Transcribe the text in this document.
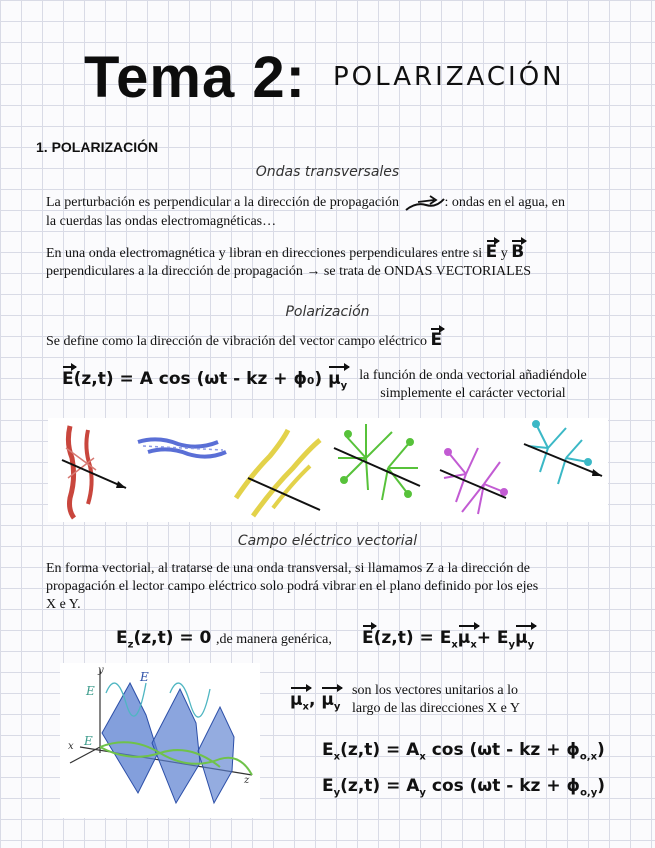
Tema 2: POLARIZACIÓN
1. POLARIZACIÓN
Ondas transversales
La perturbación es perpendicular a la dirección de propagación	: ondas en el agua, en
la cuerdas las ondas electromagnéticas…
En una onda electromagnética y libran en direcciones perpendiculares entre si E y B
perpendiculares a la dirección de propagación → se trata de ONDAS VECTORIALES
Polarización
Se define como la dirección de vibración del vector campo eléctrico E
E(z,t) = A cos (ωt - kz + ϕ₀) $\mu_y$
la función de onda vectorial añadiéndole
simplemente el carácter vectorial
Campo eléctrico vectorial
En forma vectorial, al tratarse de una onda transversal, si llamamos Z a la dirección de
propagación el lector campo eléctrico solo podrá vibrar en el plano definido por los ejes
X e Y.
$E_z(z,t) = 0$ ,de manera genérica, $E(z,t) = E_x\mu_x+ E_y\mu_y$
E
E
E
y
x
z
$\mu_x$, $\mu_y$
son los vectores unitarios a lo
largo de las direcciones X e Y
$E_x(z,t) = A_x$ cos (ωt - kz + $\phi_{o,x}$)
$E_y(z,t) = A_y$ cos (ωt - kz + $\phi_{o,y}$)
